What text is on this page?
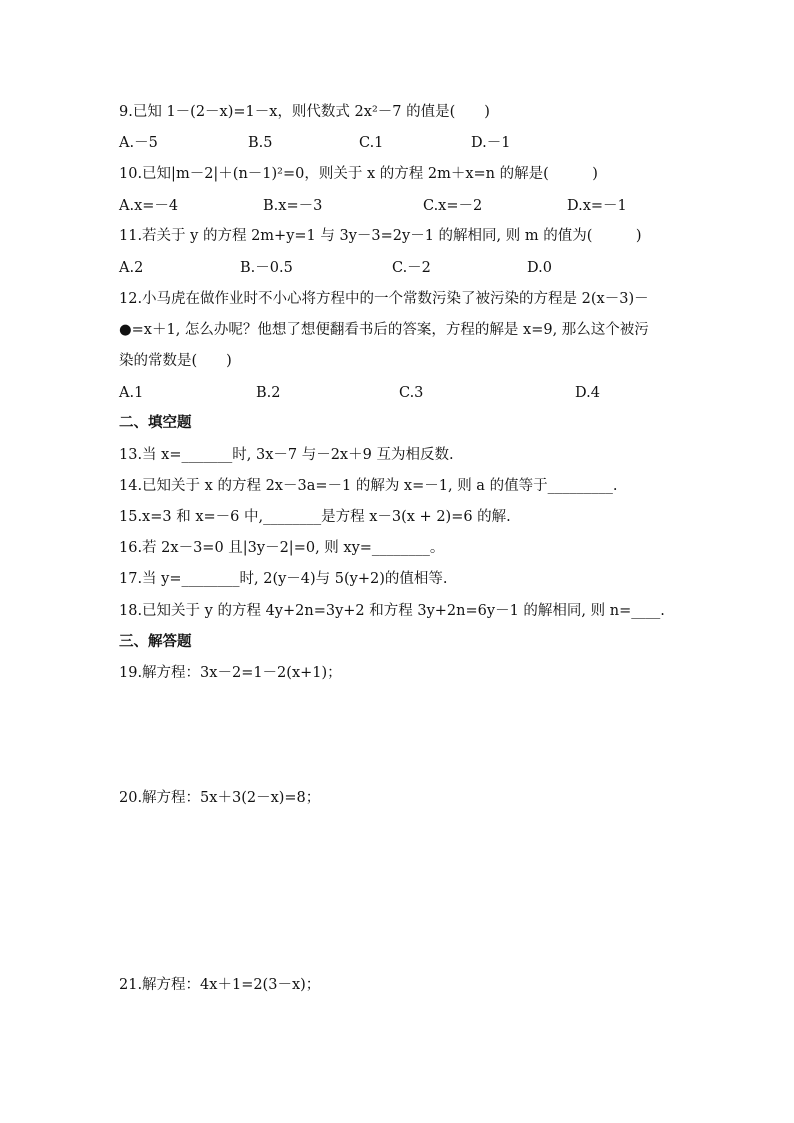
9.已知 1－(2－x)=1－x，则代数式 2x²－7 的值是(　　)
A.－5	B.5	C.1	D.－1
10.已知|m－2|＋(n－1)²=0，则关于 x 的方程 2m＋x=n 的解是(　　　)
A.x=－4	B.x=－3	C.x=－2	D.x=－1
11.若关于 y 的方程 2m+y=1 与 3y－3=2y－1 的解相同, 则 m 的值为(　　　)
A.2	B.－0.5	C.－2	D.0
12.小马虎在做作业时不小心将方程中的一个常数污染了被污染的方程是 2(x－3)－
●=x＋1, 怎么办呢？他想了想便翻看书后的答案，方程的解是 x=9, 那么这个被污
染的常数是(　　)
A.1	B.2	C.3	D.4
二、填空题
13.当 x=_______时, 3x－7 与－2x＋9 互为相反数.
14.已知关于 x 的方程 2x－3a=－1 的解为 x=－1, 则 a 的值等于_________.
15.x=3 和 x=－6 中,________是方程 x－3(x + 2)=6 的解.
16.若 2x－3=0 且|3y－2|=0, 则 xy=________。
17.当 y=________时, 2(y－4)与 5(y+2)的值相等.
18.已知关于 y 的方程 4y+2n=3y+2 和方程 3y+2n=6y－1 的解相同, 则 n=____.
三、解答题
19.解方程：3x－2=1－2(x+1)；
20.解方程：5x＋3(2－x)=8；
21.解方程：4x＋1=2(3－x)；
